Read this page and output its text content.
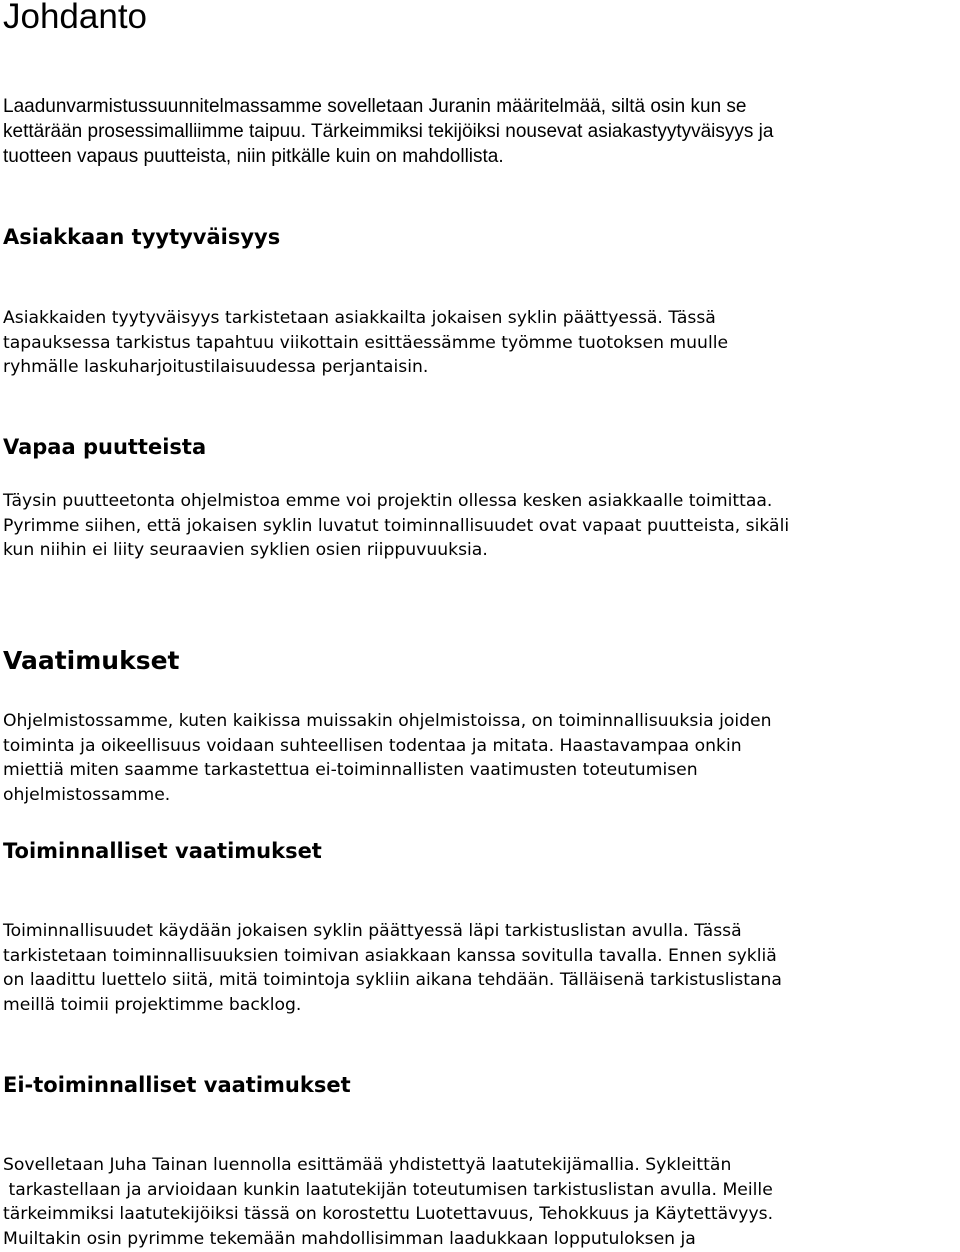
Johdanto

Laadunvarmistussuunnitelmassamme sovelletaan Juranin määritelmää, siltä osin kun se
kettärään prosessimalliimme taipuu. Tärkeimmiksi tekijöiksi nousevat asiakastyytyväisyys ja
tuotteen vapaus puutteista, niin pitkälle kuin on mahdollista.

Asiakkaan tyytyväisyys

Asiakkaiden tyytyväisyys tarkistetaan asiakkailta jokaisen syklin päättyessä. Tässä
tapauksessa tarkistus tapahtuu viikottain esittäessämme työmme tuotoksen muulle
ryhmälle laskuharjoitustilaisuudessa perjantaisin.

Vapaa puutteista

Täysin puutteetonta ohjelmistoa emme voi projektin ollessa kesken asiakkaalle toimittaa.
Pyrimme siihen, että jokaisen syklin luvatut toiminnallisuudet ovat vapaat puutteista, sikäli
kun niihin ei liity seuraavien syklien osien riippuvuuksia.

Vaatimukset

Ohjelmistossamme, kuten kaikissa muissakin ohjelmistoissa, on toiminnallisuuksia joiden
toiminta ja oikeellisuus voidaan suhteellisen todentaa ja mitata. Haastavampaa onkin
miettiä miten saamme tarkastettua ei-toiminnallisten vaatimusten toteutumisen
ohjelmistossamme.

Toiminnalliset vaatimukset

Toiminnallisuudet käydään jokaisen syklin päättyessä läpi tarkistuslistan avulla. Tässä
tarkistetaan toiminnallisuuksien toimivan asiakkaan kanssa sovitulla tavalla. Ennen sykliä
on laadittu luettelo siitä, mitä toimintoja sykliin aikana tehdään. Tälläisenä tarkistuslistana
meillä toimii projektimme backlog.

Ei-toiminnalliset vaatimukset

Sovelletaan Juha Tainan luennolla esittämää yhdistettyä laatutekijämallia. Sykleittän
tarkastellaan ja arvioidaan kunkin laatutekijän toteutumisen tarkistuslistan avulla. Meille
tärkeimmiksi laatutekijöiksi tässä on korostettu Luotettavuus, Tehokkuus ja Käytettävyys.
Muiltakin osin pyrimme tekemään mahdollisimman laadukkaan lopputuloksen ja
